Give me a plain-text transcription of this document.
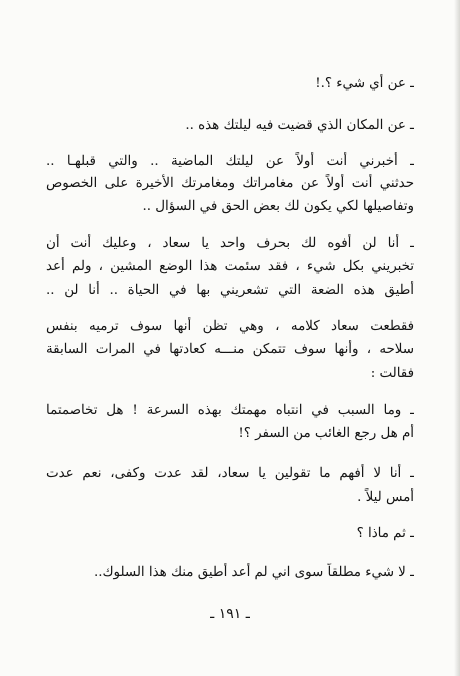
ـ عن أي شيء ؟.!
ـ عن المكان الذي قضيت فيه ليلتك هذه ..
ـ أخبرني أنت أولاً عن ليلتك الماضية .. والتي قبلهـا ..
حدثني أنت أولاً عن مغامراتك ومغامرتك الأخيرة على الخصوص
وتفاصيلها لكي يكون لك بعض الحق في السؤال ..
ـ أنا لن أفوه لك بحرف واحد يا سعاد ، وعليك أنت أن
تخبريني بكل شيء ، فقد سئمت هذا الوضع المشين ، ولم أعد
أطيق هذه الضعة التي تشعريني بها في الحياة .. أنا لن ..
فقطعت سعاد كلامه ، وهي تظن أنها سوف ترميه بنفس
سلاحه ، وأنها سوف تتمكن منـــه كعادتها في المرات السابقة
فقالت :
ـ وما السبب في انتباه مهمتك بهذه السرعة ! هل تخاصمتما
أم هل رجع الغائب من السفر ؟!
ـ أنا لا أفهم ما تقولين يا سعاد، لقد عدت وكفى، نعم عدت
أمس ليلاً .
ـ ثم ماذا ؟
ـ لا شيء مطلقاً سوى اني لم أعد أطيق منك هذا السلوك..
ـ ١٩١ ـ
